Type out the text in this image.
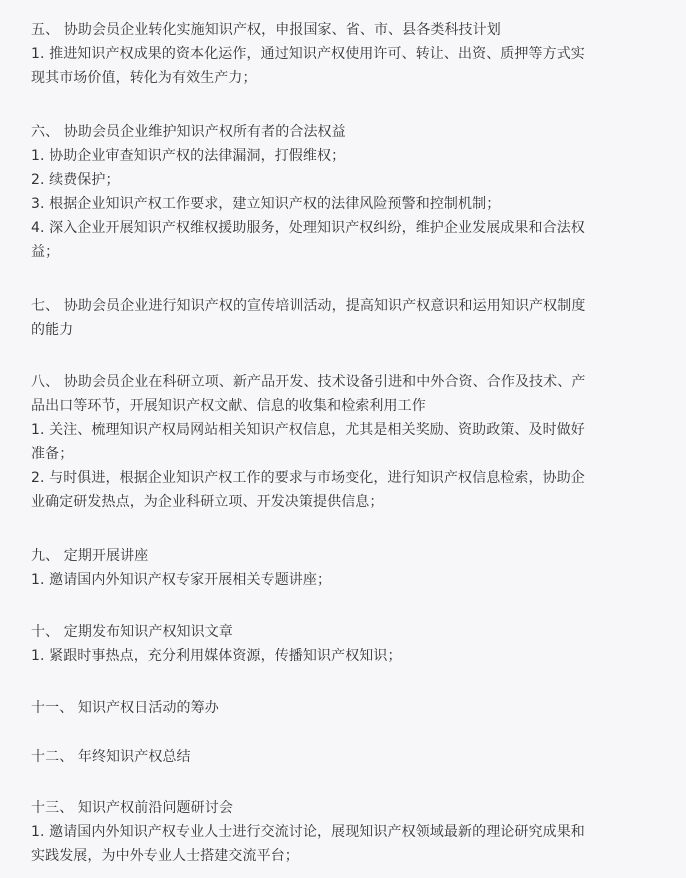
五、 协助会员企业转化实施知识产权，申报国家、省、市、县各类科技计划

1. 推进知识产权成果的资本化运作，通过知识产权使用许可、转让、出资、质押等方式实

现其市场价值，转化为有效生产力；

六、 协助会员企业维护知识产权所有者的合法权益

1. 协助企业审查知识产权的法律漏洞，打假维权；

2. 续费保护；

3. 根据企业知识产权工作要求，建立知识产权的法律风险预警和控制机制；

4. 深入企业开展知识产权维权援助服务，处理知识产权纠纷，维护企业发展成果和合法权

益；

七、 协助会员企业进行知识产权的宣传培训活动，提高知识产权意识和运用知识产权制度

的能力

八、 协助会员企业在科研立项、新产品开发、技术设备引进和中外合资、合作及技术、产

品出口等环节，开展知识产权文献、信息的收集和检索利用工作

1. 关注、梳理知识产权局网站相关知识产权信息，尤其是相关奖励、资助政策、及时做好

准备；

2. 与时俱进，根据企业知识产权工作的要求与市场变化，进行知识产权信息检索，协助企

业确定研发热点，为企业科研立项、开发决策提供信息；

九、 定期开展讲座

1. 邀请国内外知识产权专家开展相关专题讲座；

十、 定期发布知识产权知识文章

1. 紧跟时事热点，充分利用媒体资源，传播知识产权知识；

十一、 知识产权日活动的筹办

十二、 年终知识产权总结

十三、 知识产权前沿问题研讨会

1. 邀请国内外知识产权专业人士进行交流讨论，展现知识产权领域最新的理论研究成果和

实践发展，为中外专业人士搭建交流平台；
